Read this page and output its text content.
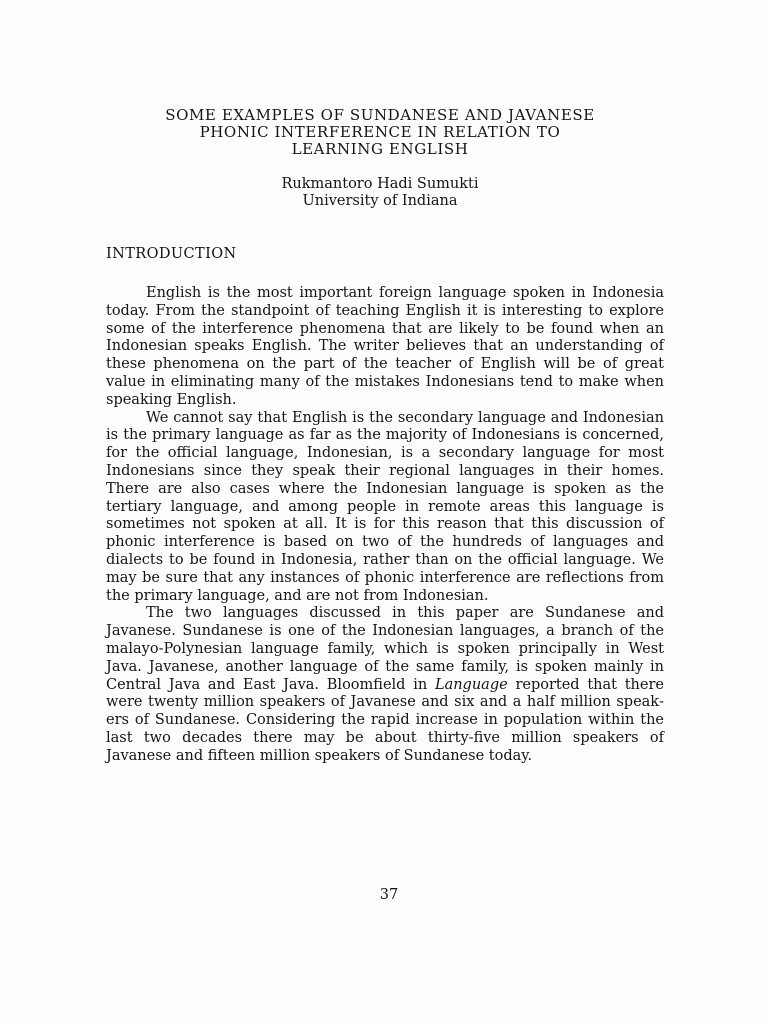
SOME EXAMPLES OF SUNDANESE AND JAVANESE
PHONIC INTERFERENCE IN RELATION TO
LEARNING ENGLISH
Rukmantoro Hadi Sumukti
University of Indiana
INTRODUCTION

English is the most important foreign language spoken in Indonesia today. From the standpoint of teaching English it is interesting to explore some of the interference phenomena that are likely to be found when an Indonesian speaks English. The writer believes that an understanding of these phenomena on the part of the teacher of English will be of great value in eliminating many of the mistakes Indonesians tend to make when speaking English.

We cannot say that English is the secondary language and Indonesian is the primary language as far as the majority of Indonesians is concerned, for the official language, Indonesian, is a secondary language for most Indonesians since they speak their regional languages in their homes. There are also cases where the Indonesian language is spoken as the tertiary language, and among people in remote areas this language is sometimes not spoken at all. It is for this reason that this discussion of phonic interference is based on two of the hundreds of languages and dialects to be found in Indonesia, rather than on the official language. We may be sure that any instances of phonic interference are reflections from the primary language, and are not from Indonesian.

The two languages discussed in this paper are Sundanese and Javanese. Sundanese is one of the Indonesian languages, a branch of the malayo-Polynesian language family, which is spoken principally in West Java. Javanese, another language of the same family, is spoken mainly in Central Java and East Java. Bloomfield in Language reported that there were twenty million speakers of Javanese and six and a half million speakers of Sundanese. Considering the rapid increase in population within the last two decades there may be about thirty-five million speakers of Javanese and fifteen million speakers of Sundanese today.

37
